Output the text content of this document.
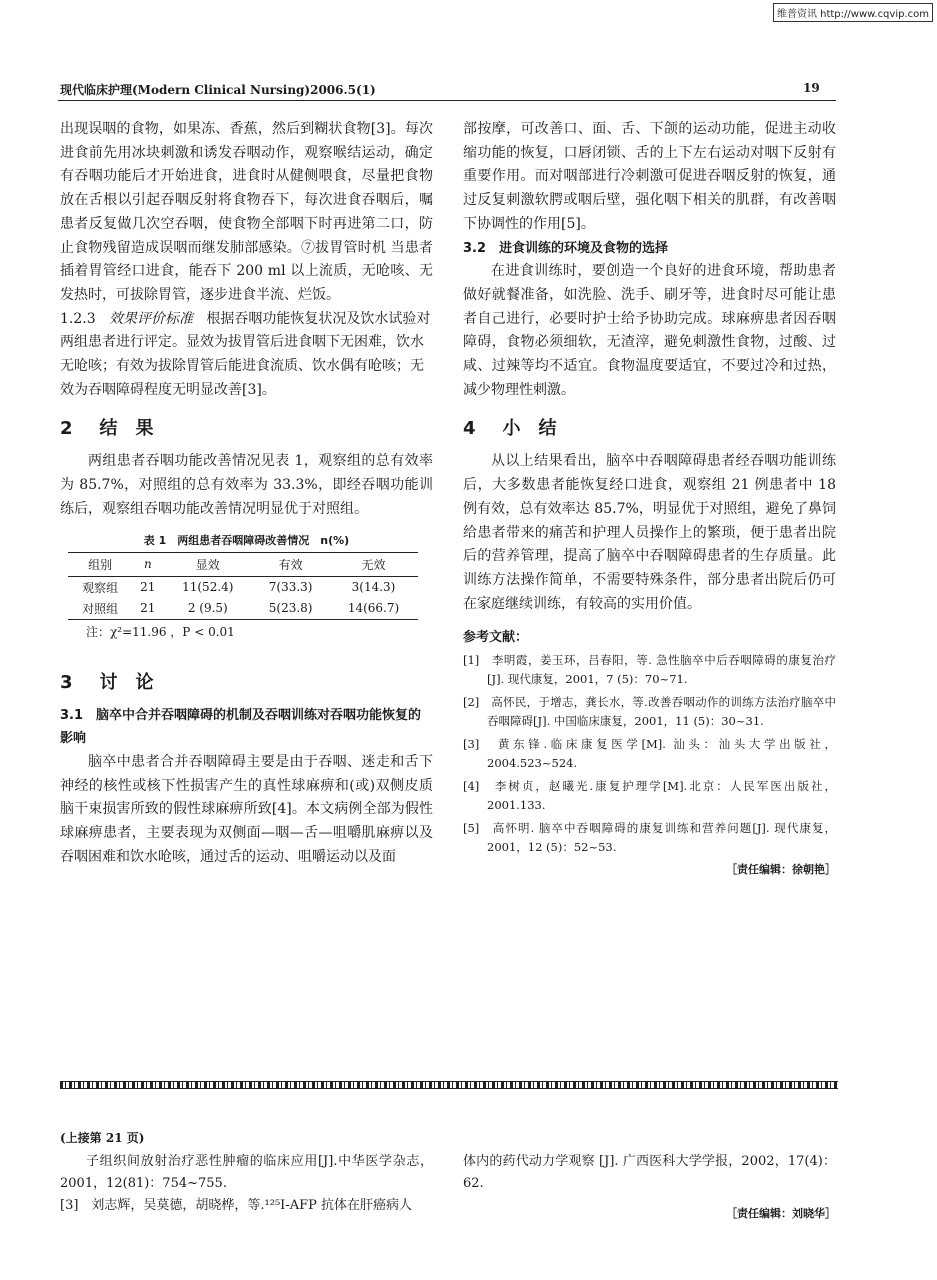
维普资讯 http://www.cqvip.com
现代临床护理(Modern Clinical Nursing)2006.5(1)	19

出现误咽的食物，如果冻、香蕉，然后到糊状食物[3]。每次进食前先用冰块刺激和诱发吞咽动作，观察喉结运动，确定有吞咽功能后才开始进食，进食时从健侧喂食，尽量把食物放在舌根以引起吞咽反射将食物吞下，每次进食吞咽后，嘱患者反复做几次空吞咽，使食物全部咽下时再进第二口，防止食物残留造成误咽而继发肺部感染。⑦拔胃管时机 当患者插着胃管经口进食，能吞下 200 ml 以上流质，无呛咳、无发热时，可拔除胃管，逐步进食半流、烂饭。

1.2.3 效果评价标准 根据吞咽功能恢复状况及饮水试验对两组患者进行评定。显效为拔胃管后进食咽下无困难，饮水无呛咳；有效为拔除胃管后能进食流质、饮水偶有呛咳；无效为吞咽障碍程度无明显改善[3]。

2 结果

两组患者吞咽功能改善情况见表 1，观察组的总有效率为 85.7%，对照组的总有效率为 33.3%，即经吞咽功能训练后，观察组吞咽功能改善情况明显优于对照组。

表 1　两组患者吞咽障碍改善情况　n(%)
组别	n	显效	有效	无效
观察组	21	11(52.4)	7(33.3)	3(14.3)
对照组	21	2 (9.5)	5(23.8)	14(66.7)
注：χ²=11.96 ，P < 0.01
3 讨论

3.1　脑卒中合并吞咽障碍的机制及吞咽训练对吞咽功能恢复的影响

脑卒中患者合并吞咽障碍主要是由于吞咽、迷走和舌下神经的核性或核下性损害产生的真性球麻痹和(或)双侧皮质脑干束损害所致的假性球麻痹所致[4]。本文病例全部为假性球麻痹患者，主要表现为双侧面—咽—舌—咀嚼肌麻痹以及吞咽困难和饮水呛咳，通过舌的运动、咀嚼运动以及面

部按摩，可改善口、面、舌、下颌的运动功能，促进主动收缩功能的恢复，口唇闭锁、舌的上下左右运动对咽下反射有重要作用。而对咽部进行冷刺激可促进吞咽反射的恢复，通过反复刺激软腭或咽后壁，强化咽下相关的肌群，有改善咽下协调性的作用[5]。

3.2　进食训练的环境及食物的选择

在进食训练时，要创造一个良好的进食环境，帮助患者做好就餐准备，如洗脸、洗手、刷牙等，进食时尽可能让患者自己进行，必要时护士给予协助完成。球麻痹患者因吞咽障碍，食物必须细软，无渣滓，避免刺激性食物，过酸、过咸、过辣等均不适宜。食物温度要适宜，不要过冷和过热，减少物理性刺激。

4 小结

从以上结果看出，脑卒中吞咽障碍患者经吞咽功能训练后，大多数患者能恢复经口进食，观察组 21 例患者中 18 例有效，总有效率达 85.7%，明显优于对照组，避免了鼻饲给患者带来的痛苦和护理人员操作上的繁琐，便于患者出院后的营养管理，提高了脑卒中吞咽障碍患者的生存质量。此训练方法操作简单，不需要特殊条件，部分患者出院后仍可在家庭继续训练，有较高的实用价值。

参考文献：

[1]　李明霞，姜玉环，吕春阳，等. 急性脑卒中后吞咽障碍的康复治疗[J]. 现代康复，2001，7 (5)：70~71.

[2]　高怀民，于增志，龚长水，等.改善吞咽动作的训练方法治疗脑卒中吞咽障碍[J]. 中国临床康复，2001，11 (5)：30~31.

[3]　黄东锋.临床康复医学[M]. 汕头：汕头大学出版社，2004.523~524.

[4]　李树贞，赵曦光.康复护理学[M].北京：人民军医出版社，2001.133.

[5]　高怀明. 脑卒中吞咽障碍的康复训练和营养问题[J]. 现代康复，2001，12 (5)：52~53.

［责任编辑：徐朝艳］
(上接第 21 页)

子组织间放射治疗恶性肿瘤的临床应用[J].中华医学杂志，2001，12(81)：754~755.

[3]　刘志辉，吴莫德，胡晓桦，等.¹²⁵I-AFP 抗体在肝癌病人

体内的药代动力学观察 [J]. 广西医科大学学报，2002，17(4)：62.

［责任编辑：刘晓华］
